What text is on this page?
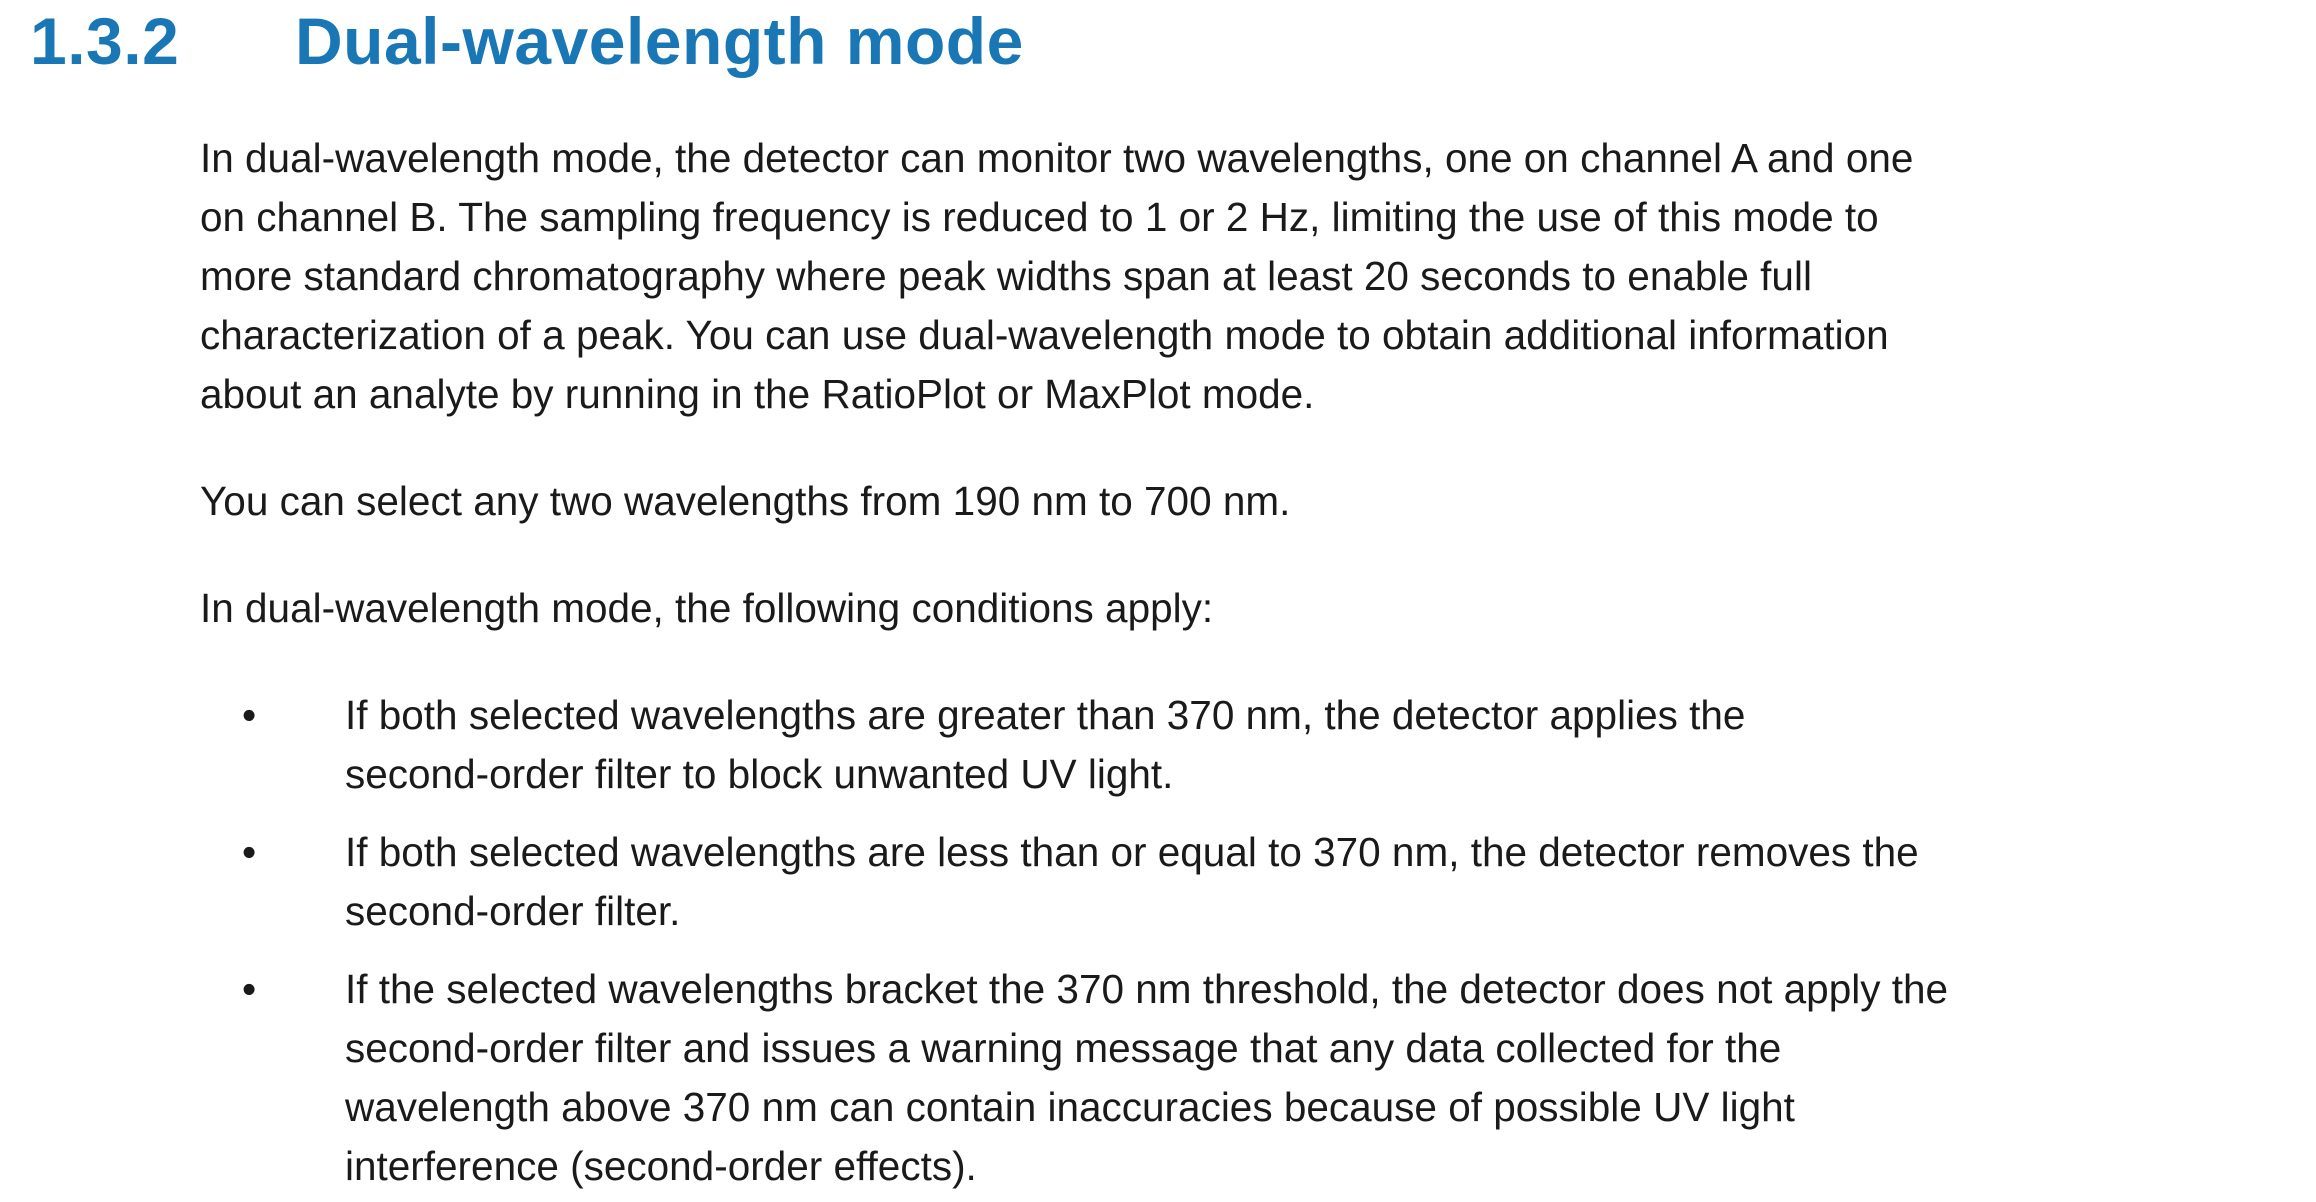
1.3.2	Dual-wavelength mode
In dual-wavelength mode, the detector can monitor two wavelengths, one on channel A and one
on channel B. The sampling frequency is reduced to 1 or 2 Hz, limiting the use of this mode to
more standard chromatography where peak widths span at least 20 seconds to enable full
characterization of a peak. You can use dual-wavelength mode to obtain additional information
about an analyte by running in the RatioPlot or MaxPlot mode.
You can select any two wavelengths from 190 nm to 700 nm.
In dual-wavelength mode, the following conditions apply:
•	If both selected wavelengths are greater than 370 nm, the detector applies the
second-order filter to block unwanted UV light.
•	If both selected wavelengths are less than or equal to 370 nm, the detector removes the
second-order filter.
•	If the selected wavelengths bracket the 370 nm threshold, the detector does not apply the
second-order filter and issues a warning message that any data collected for the
wavelength above 370 nm can contain inaccuracies because of possible UV light
interference (second-order effects).
